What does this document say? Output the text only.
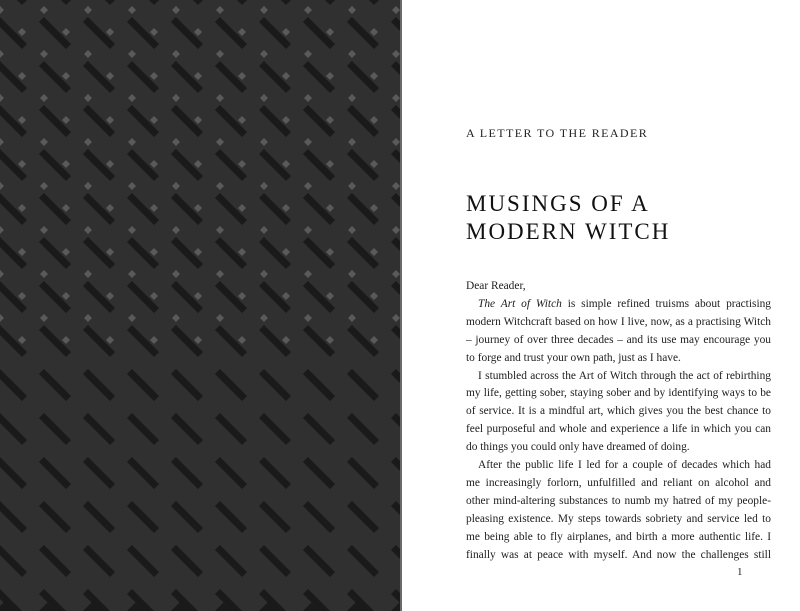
A LETTER TO THE READER
MUSINGS OF A
MODERN WITCH
Dear Reader,
The Art of Witch is simple refined truisms about practising
modern Witchcraft based on how I live, now, as a practising Witch
– journey of over three decades – and its use may encourage you
to forge and trust your own path, just as I have.
I stumbled across the Art of Witch through the act of rebirthing
my life, getting sober, staying sober and by identifying ways to be
of service. It is a mindful art, which gives you the best chance to
feel purposeful and whole and experience a life in which you can
do things you could only have dreamed of doing.
After the public life I led for a couple of decades which had
me increasingly forlorn, unfulfilled and reliant on alcohol and
other mind-altering substances to numb my hatred of my people-
pleasing existence. My steps towards sobriety and service led to
me being able to fly airplanes, and birth a more authentic life. I
finally was at peace with myself. And now the challenges still
1
